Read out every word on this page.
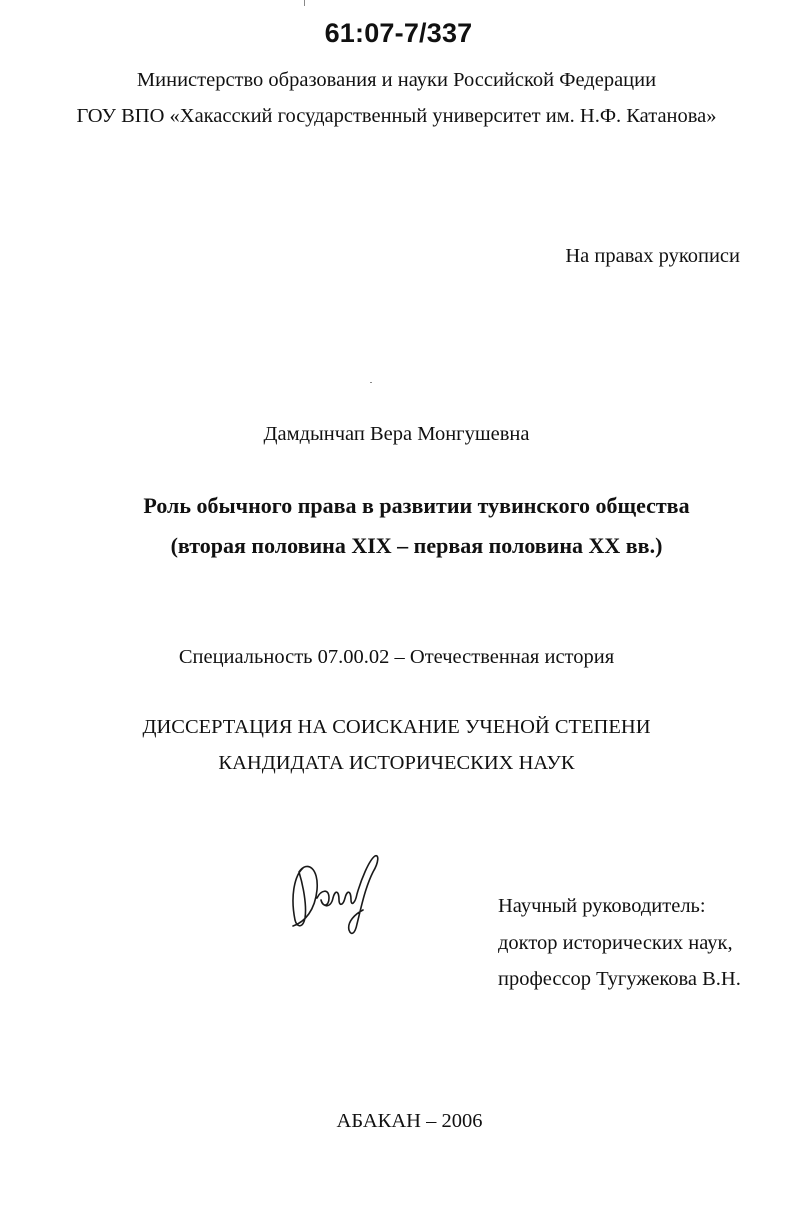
61:07-7/337
Министерство образования и науки Российской Федерации
ГОУ ВПО «Хакасский государственный университет им. Н.Ф. Катанова»
На правах рукописи
Дамдынчап Вера Монгушевна
Роль обычного права в развитии тувинского общества
(вторая половина XIX – первая половина XX вв.)
Специальность 07.00.02 – Отечественная история
ДИССЕРТАЦИЯ НА СОИСКАНИЕ УЧЕНОЙ СТЕПЕНИ
КАНДИДАТА ИСТОРИЧЕСКИХ НАУК
Научный руководитель:
доктор исторических наук,
профессор Тугужекова В.Н.
АБАКАН – 2006
